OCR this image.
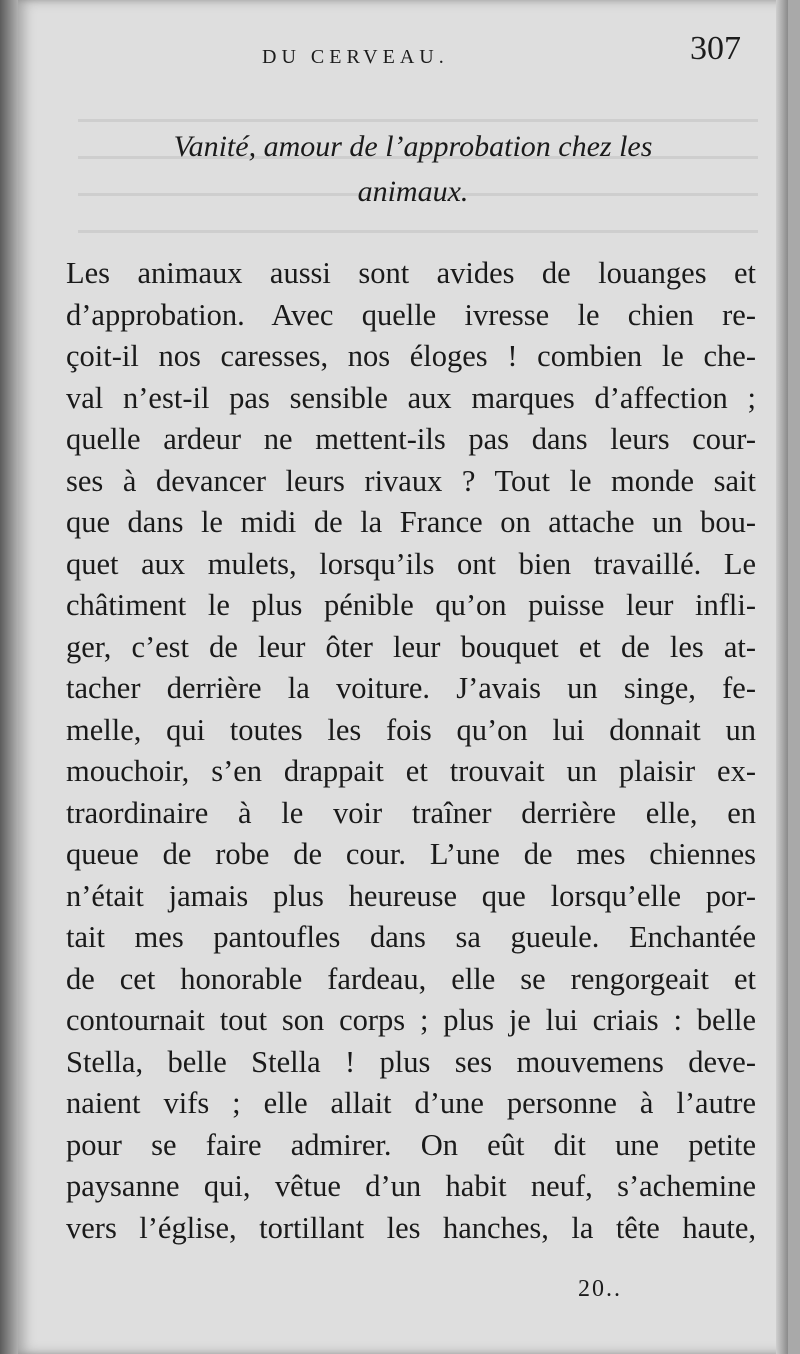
DU CERVEAU.	307
Vanité, amour de l’approbation chez les
animaux.
Les animaux aussi sont avides de louanges et
d’approbation. Avec quelle ivresse le chien re-
çoit-il nos caresses, nos éloges ! combien le che-
val n’est-il pas sensible aux marques d’affection ;
quelle ardeur ne mettent-ils pas dans leurs cour-
ses à devancer leurs rivaux ? Tout le monde sait
que dans le midi de la France on attache un bou-
quet aux mulets, lorsqu’ils ont bien travaillé. Le
châtiment le plus pénible qu’on puisse leur infli-
ger, c’est de leur ôter leur bouquet et de les at-
tacher derrière la voiture. J’avais un singe, fe-
melle, qui toutes les fois qu’on lui donnait un
mouchoir, s’en drappait et trouvait un plaisir ex-
traordinaire à le voir traîner derrière elle, en
queue de robe de cour. L’une de mes chiennes
n’était jamais plus heureuse que lorsqu’elle por-
tait mes pantoufles dans sa gueule. Enchantée
de cet honorable fardeau, elle se rengorgeait et
contournait tout son corps ; plus je lui criais : belle
Stella, belle Stella ! plus ses mouvemens deve-
naient vifs ; elle allait d’une personne à l’autre
pour se faire admirer. On eût dit une petite
paysanne qui, vêtue d’un habit neuf, s’achemine
vers l’église, tortillant les hanches, la tête haute,
20..
